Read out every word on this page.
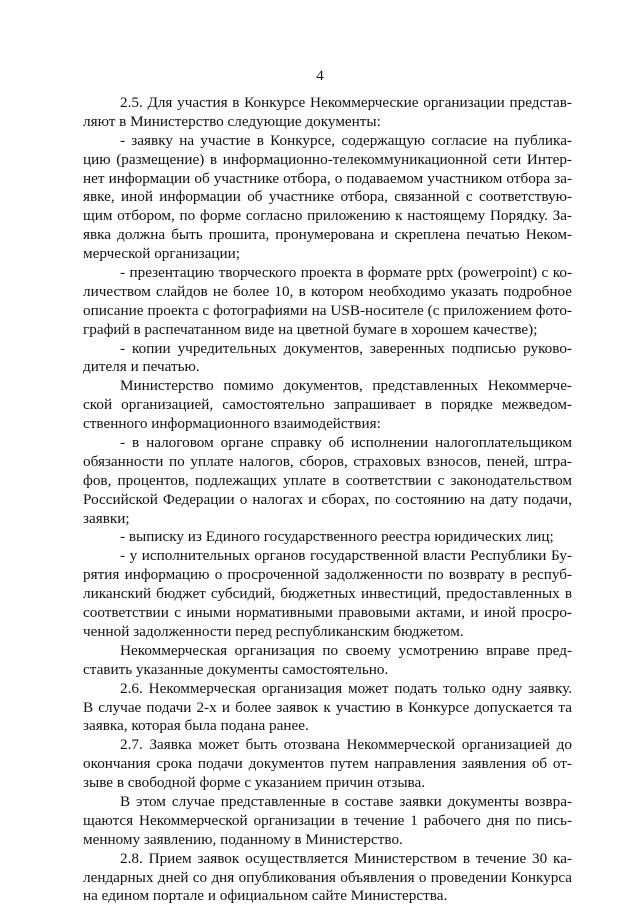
4
2.5. Для участия в Конкурсе Некоммерческие организации представ-
ляют в Министерство следующие документы:
- заявку на участие в Конкурсе, содержащую согласие на публика-
цию (размещение) в информационно-телекоммуникационной сети Интер-
нет информации об участнике отбора, о подаваемом участником отбора за-
явке, иной информации об участнике отбора, связанной с соответствую-
щим отбором, по форме согласно приложению к настоящему Порядку. За-
явка должна быть прошита, пронумерована и скреплена печатью Неком-
мерческой организации;
- презентацию творческого проекта в формате pptx (powerpoint) с ко-
личеством слайдов не более 10, в котором необходимо указать подробное
описание проекта с фотографиями на USB-носителе (с приложением фото-
графий в распечатанном виде на цветной бумаге в хорошем качестве);
- копии учредительных документов, заверенных подписью руково-
дителя и печатью.
Министерство помимо документов, представленных Некоммерче-
ской организацией, самостоятельно запрашивает в порядке межведом-
ственного информационного взаимодействия:
- в налоговом органе справку об исполнении налогоплательщиком
обязанности по уплате налогов, сборов, страховых взносов, пеней, штра-
фов, процентов, подлежащих уплате в соответствии с законодательством
Российской Федерации о налогах и сборах, по состоянию на дату подачи,
заявки;
- выписку из Единого государственного реестра юридических лиц;
- у исполнительных органов государственной власти Республики Бу-
рятия информацию о просроченной задолженности по возврату в респуб-
ликанский бюджет субсидий, бюджетных инвестиций, предоставленных в
соответствии с иными нормативными правовыми актами, и иной просро-
ченной задолженности перед республиканским бюджетом.
Некоммерческая организация по своему усмотрению вправе пред-
ставить указанные документы самостоятельно.
2.6. Некоммерческая организация может подать только одну заявку.
В случае подачи 2-х и более заявок к участию в Конкурсе допускается та
заявка, которая была подана ранее.
2.7. Заявка может быть отозвана Некоммерческой организацией до
окончания срока подачи документов путем направления заявления об от-
зыве в свободной форме с указанием причин отзыва.
В этом случае представленные в составе заявки документы возвра-
щаются Некоммерческой организации в течение 1 рабочего дня по пись-
менному заявлению, поданному в Министерство.
2.8. Прием заявок осуществляется Министерством в течение 30 ка-
лендарных дней со дня опубликования объявления о проведении Конкурса
на едином портале и официальном сайте Министерства.
